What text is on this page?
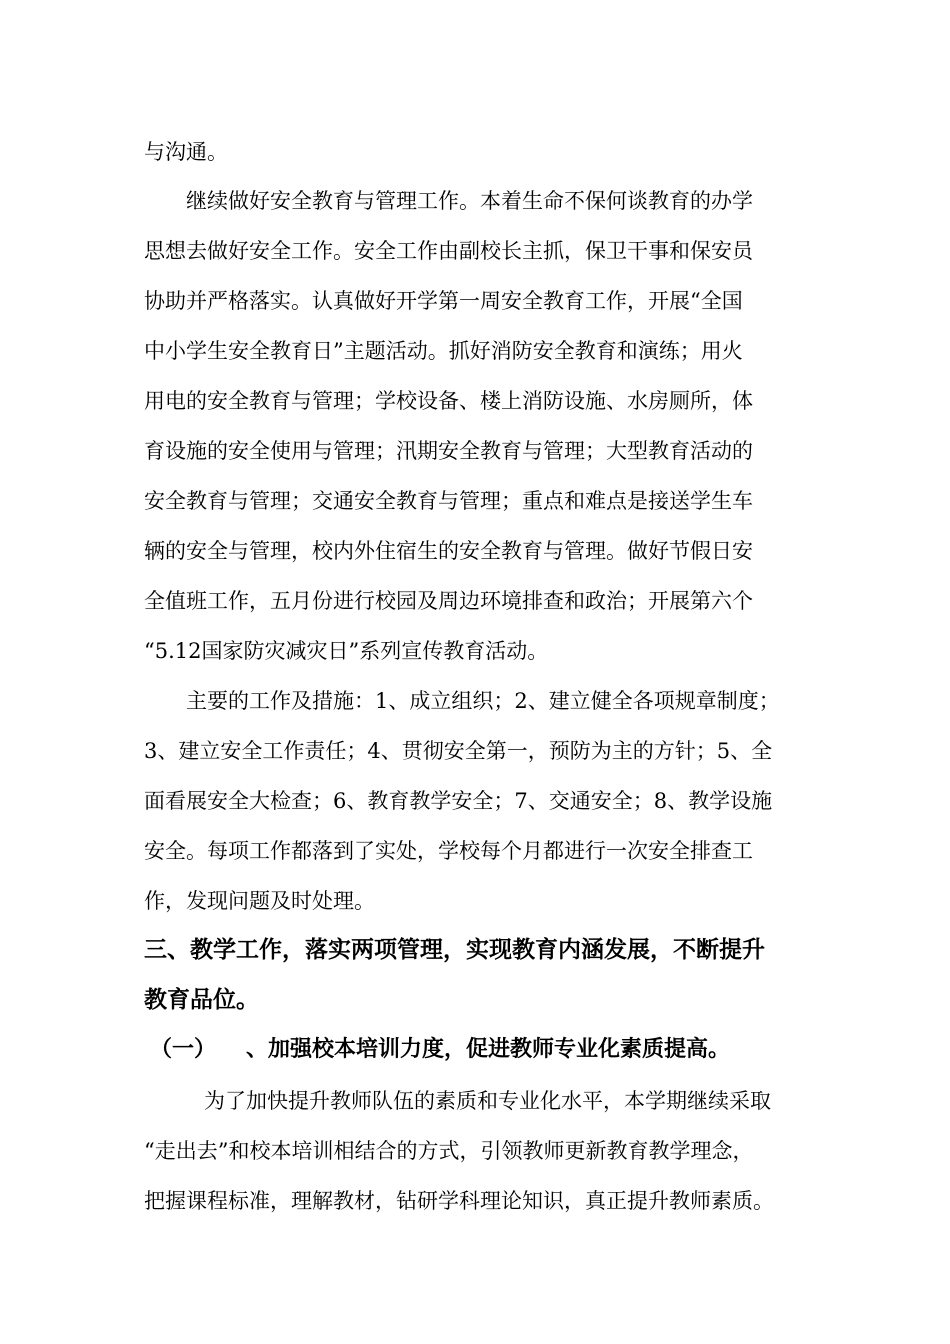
与沟通。
继续做好安全教育与管理工作。本着生命不保何谈教育的办学
思想去做好安全工作。安全工作由副校长主抓，保卫干事和保安员
协助并严格落实。认真做好开学第一周安全教育工作，开展“全国
中小学生安全教育日”主题活动。抓好消防安全教育和演练；用火
用电的安全教育与管理；学校设备、楼上消防设施、水房厕所，体
育设施的安全使用与管理；汛期安全教育与管理；大型教育活动的
安全教育与管理；交通安全教育与管理；重点和难点是接送学生车
辆的安全与管理，校内外住宿生的安全教育与管理。做好节假日安
全值班工作，五月份进行校园及周边环境排查和政治；开展第六个
“5.12国家防灾减灾日”系列宣传教育活动。
主要的工作及措施：1、成立组织；2、建立健全各项规章制度；
3、建立安全工作责任；4、贯彻安全第一，预防为主的方针；5、全
面看展安全大检查；6、教育教学安全；7、交通安全；8、教学设施
安全。每项工作都落到了实处，学校每个月都进行一次安全排查工
作，发现问题及时处理。
三、教学工作，落实两项管理，实现教育内涵发展，不断提升
教育品位。
（一） 、加强校本培训力度，促进教师专业化素质提高。
为了加快提升教师队伍的素质和专业化水平，本学期继续采取
“走出去”和校本培训相结合的方式，引领教师更新教育教学理念，
把握课程标准，理解教材，钻研学科理论知识，真正提升教师素质。
